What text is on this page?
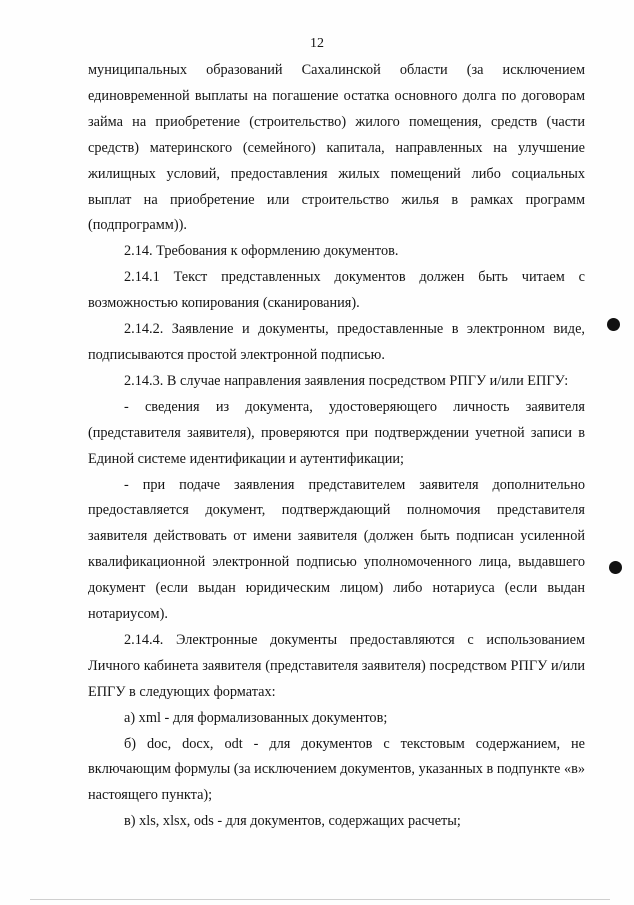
12

муниципальных образований Сахалинской области (за исключением единовременной выплаты на погашение остатка основного долга по договорам займа на приобретение (строительство) жилого помещения, средств (части средств) материнского (семейного) капитала, направленных на улучшение жилищных условий, предоставления жилых помещений либо социальных выплат на приобретение или строительство жилья в рамках программ (подпрограмм)).

2.14. Требования к оформлению документов.

2.14.1 Текст представленных документов должен быть читаем с возможностью копирования (сканирования).

2.14.2. Заявление и документы, предоставленные в электронном виде, подписываются простой электронной подписью.

2.14.3. В случае направления заявления посредством РПГУ и/или ЕПГУ:

- сведения из документа, удостоверяющего личность заявителя (представителя заявителя), проверяются при подтверждении учетной записи в Единой системе идентификации и аутентификации;

- при подаче заявления представителем заявителя дополнительно предоставляется документ, подтверждающий полномочия представителя заявителя действовать от имени заявителя (должен быть подписан усиленной квалификационной электронной подписью уполномоченного лица, выдавшего документ (если выдан юридическим лицом) либо нотариуса (если выдан нотариусом).

2.14.4. Электронные документы предоставляются с использованием Личного кабинета заявителя (представителя заявителя) посредством РПГУ и/или ЕПГУ в следующих форматах:

а) xml - для формализованных документов;

б) doc, docx, odt - для документов с текстовым содержанием, не включающим формулы (за исключением документов, указанных в подпункте «в» настоящего пункта);

в) xls, xlsx, ods - для документов, содержащих расчеты;
